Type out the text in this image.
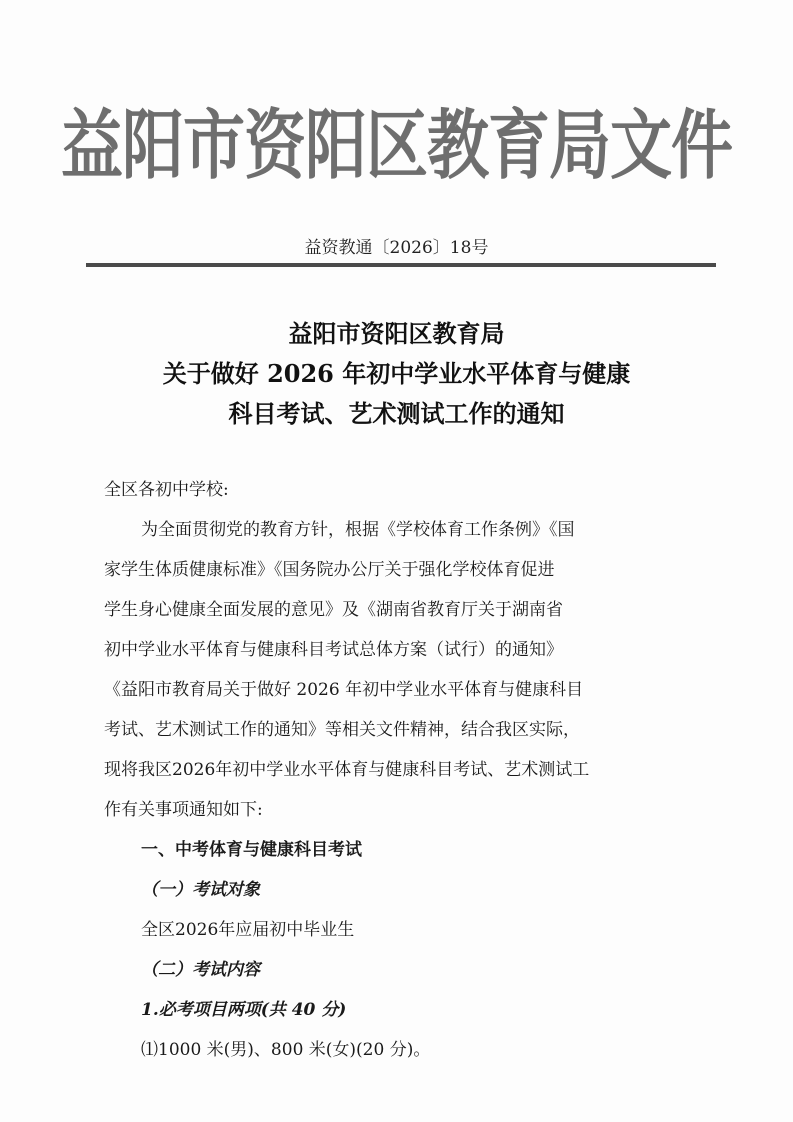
益阳市资阳区教育局文件
益资教通〔2026〕18号
益阳市资阳区教育局
关于做好 2026 年初中学业水平体育与健康
科目考试、艺术测试工作的通知
全区各初中学校:
为全面贯彻党的教育方针，根据《学校体育工作条例》《国
家学生体质健康标准》《国务院办公厅关于强化学校体育促进
学生身心健康全面发展的意见》及《湖南省教育厅关于湖南省
初中学业水平体育与健康科目考试总体方案（试行）的通知》
《益阳市教育局关于做好 2026 年初中学业水平体育与健康科目
考试、艺术测试工作的通知》等相关文件精神，结合我区实际，
现将我区2026年初中学业水平体育与健康科目考试、艺术测试工
作有关事项通知如下:
一、中考体育与健康科目考试
（一）考试对象
全区2026年应届初中毕业生
（二）考试内容
1.必考项目两项(共 40 分)
⑴1000 米(男)、800 米(女)(20 分)。
